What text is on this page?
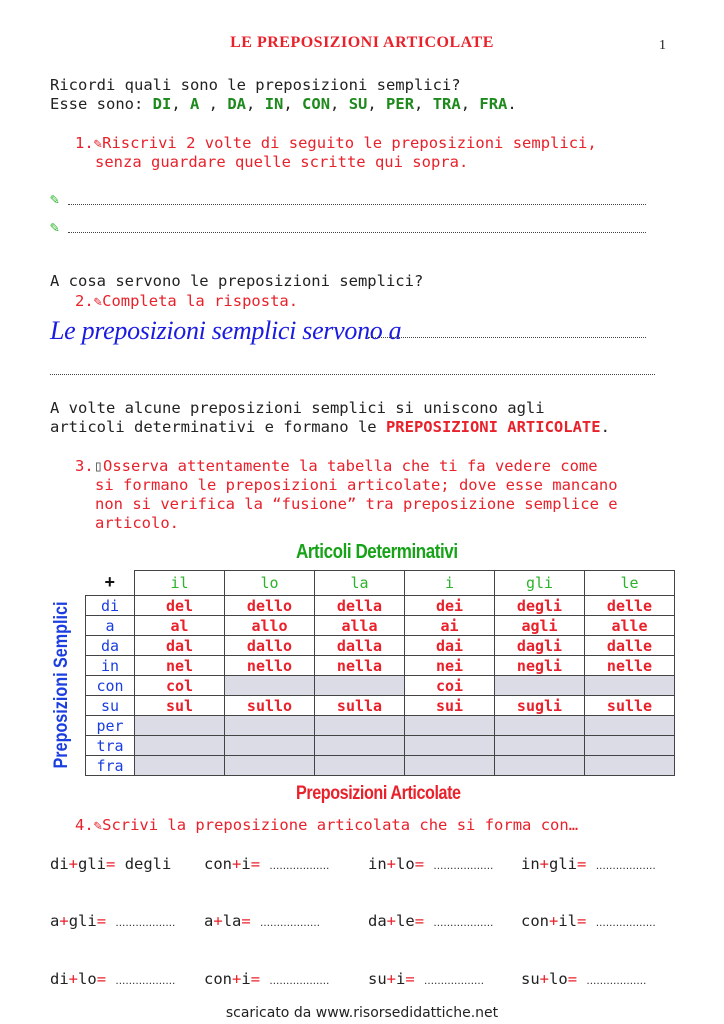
LE PREPOSIZIONI ARTICOLATE	1
Ricordi quali sono le preposizioni semplici?
Esse sono: DI, A , DA, IN, CON, SU, PER, TRA, FRA.
1.✎Riscrivi 2 volte di seguito le preposizioni semplici,
senza guardare quelle scritte qui sopra.
✎
✎
A cosa servono le preposizioni semplici?
2.✎Completa la risposta.
Le preposizioni semplici servono a
A volte alcune preposizioni semplici si uniscono agli
articoli determinativi e formano le PREPOSIZIONI ARTICOLATE.
3.▯Osserva attentamente la tabella che ti fa vedere come
si formano le preposizioni articolate; dove esse mancano
non si verifica la “fusione” tra preposizione semplice e
articolo.
Articoli Determinativi
Preposizioni Semplici
+	il	lo	la	i	gli	le
di	del	dello	della	dei	degli	delle
a	al	allo	alla	ai	agli	alle
da	dal	dallo	dalla	dai	dagli	dalle
in	nel	nello	nella	nei	negli	nelle
con	col			coi		
su	sul	sullo	sulla	sui	sugli	sulle
per						
tra						
fra						
Preposizioni Articolate
4.✎Scrivi la preposizione articolata che si forma con…
di+gli= degli con+i= ……………… in+lo= ……………… in+gli= ………………
a+gli= ……………… a+la= ………………	da+le= ……………… con+il= ………………
di+lo= ……………… con+i= ……………… su+i= ……………… su+lo= ………………
scaricato da www.risorsedidattiche.net
